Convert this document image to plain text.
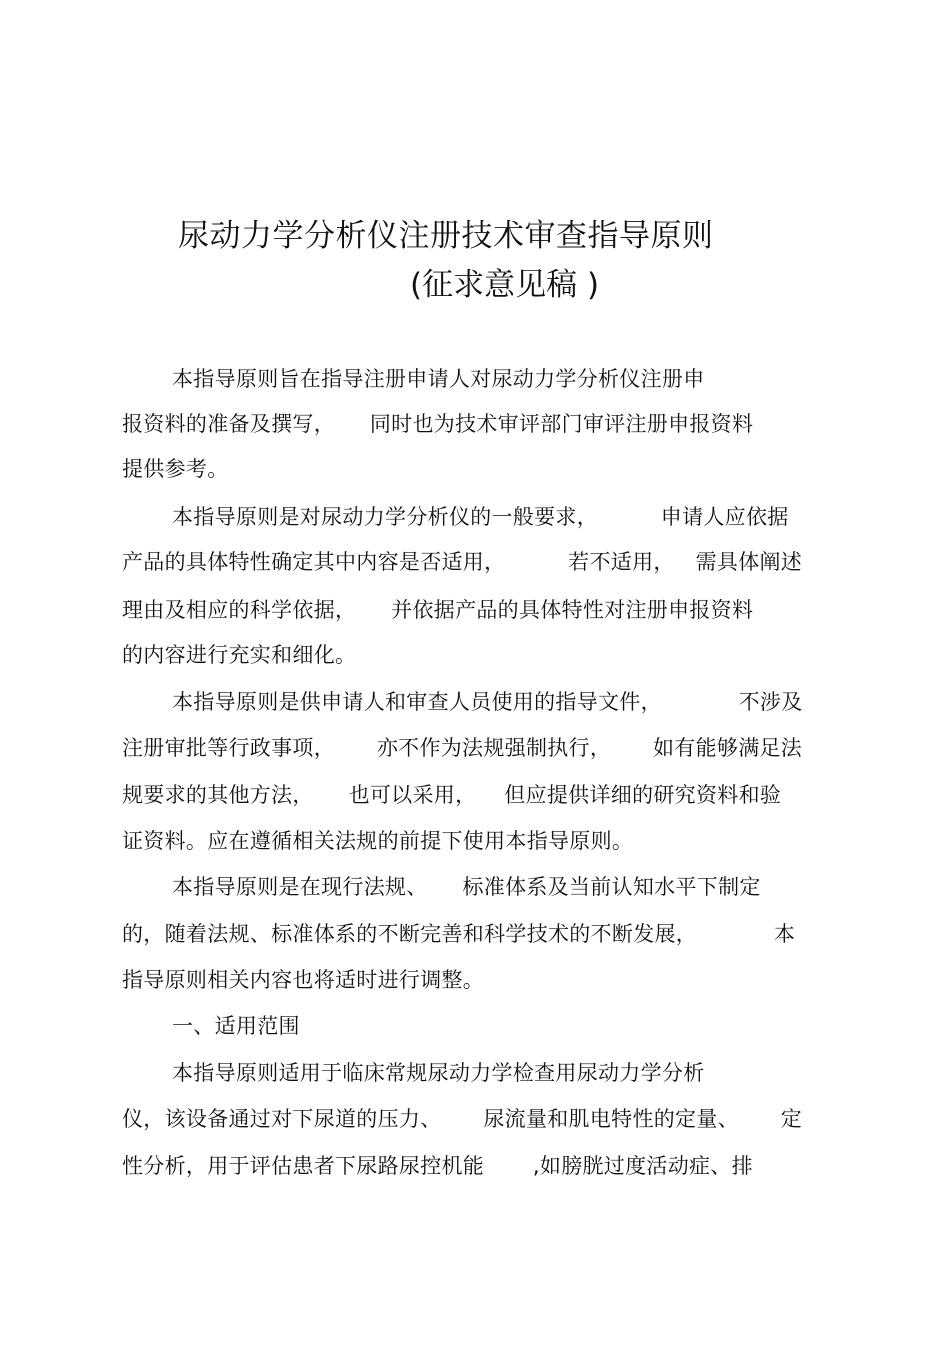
尿动力学分析仪注册技术审查指导原则
(征求意见稿 )
本指导原则旨在指导注册申请人对尿动力学分析仪注册申
报资料的准备及撰写，     同时也为技术审评部门审评注册申报资料
提供参考。
本指导原则是对尿动力学分析仪的一般要求，         申请人应依据
产品的具体特性确定其中内容是否适用，         若不适用，   需具体阐述
理由及相应的科学依据，     并依据产品的具体特性对注册申报资料
的内容进行充实和细化。
本指导原则是供申请人和审查人员使用的指导文件，           不涉及
注册审批等行政事项，      亦不作为法规强制执行，      如有能够满足法
规要求的其他方法，     也可以采用，    但应提供详细的研究资料和验
证资料。应在遵循相关法规的前提下使用本指导原则。
本指导原则是在现行法规、     标准体系及当前认知水平下制定
的，随着法规、标准体系的不断完善和科学技术的不断发展，           本
指导原则相关内容也将适时进行调整。
一、适用范围
本指导原则适用于临床常规尿动力学检查用尿动力学分析
仪，该设备通过对下尿道的压力、      尿流量和肌电特性的定量、      定
性分析，用于评估患者下尿路尿控机能       ,如膀胱过度活动症、排
